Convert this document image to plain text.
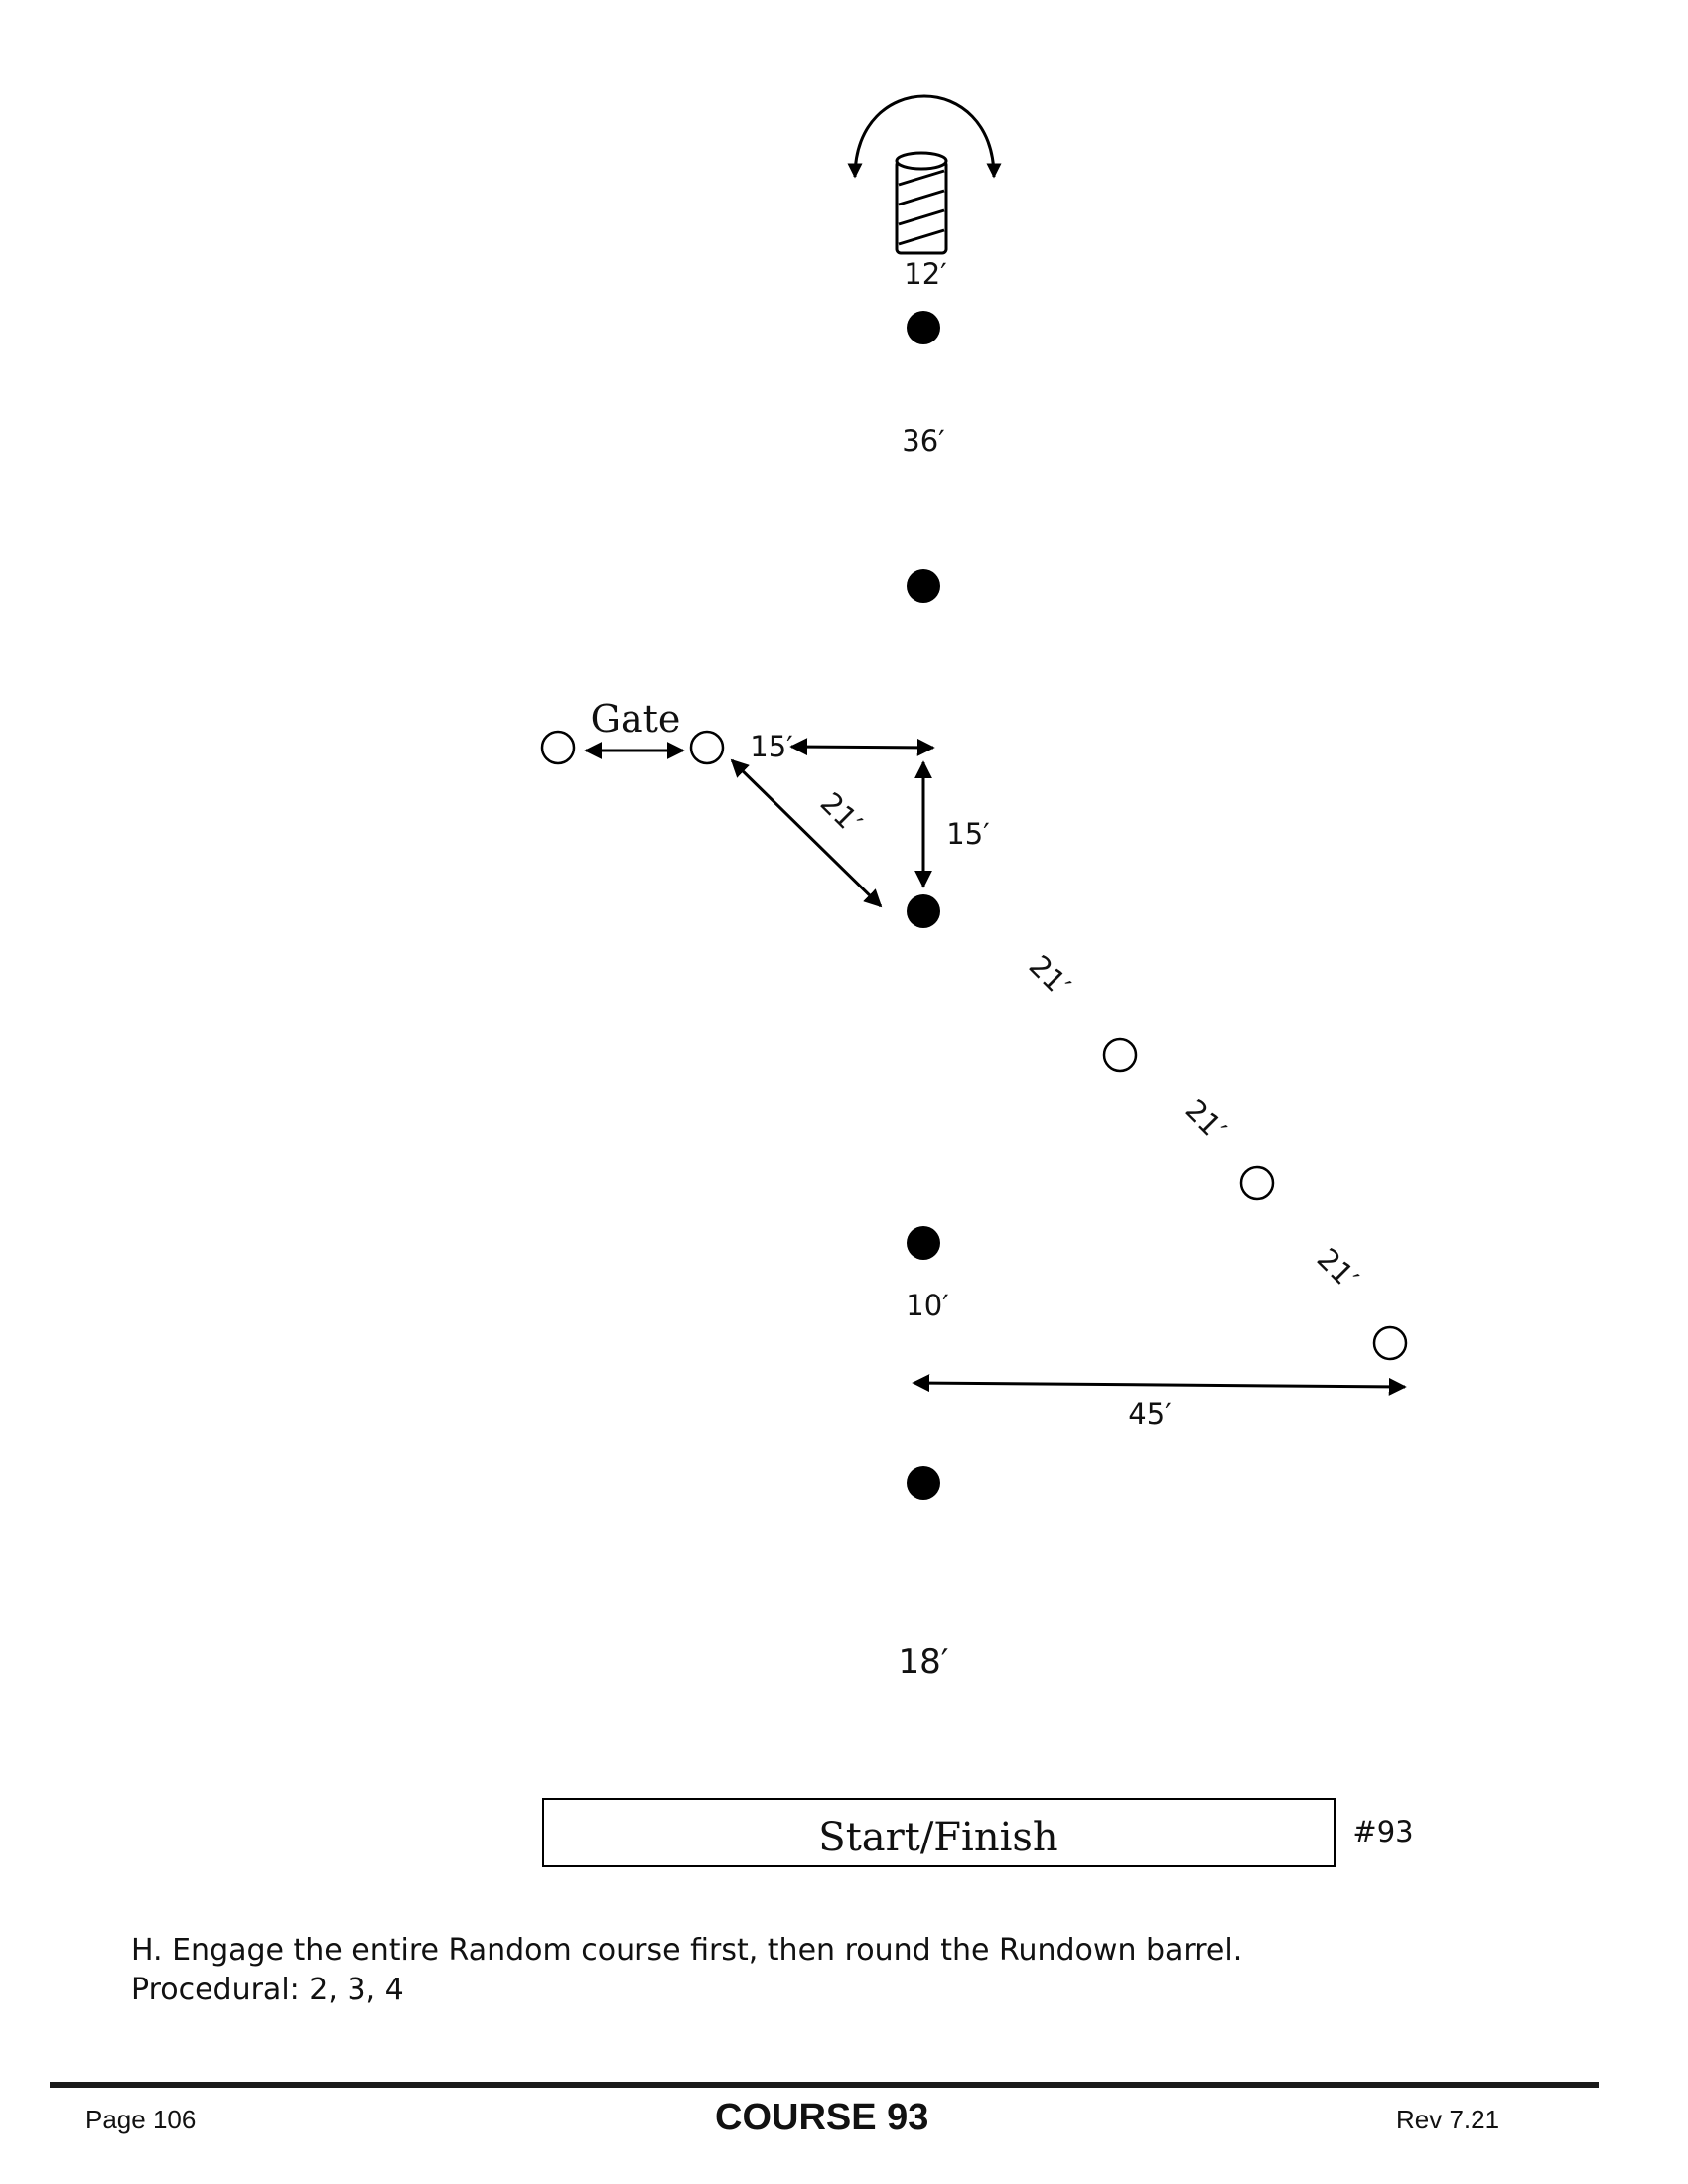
12′
36′
Gate
15′
15′
21′
21′
21′
21′
10′
45′
18′
Start/Finish	#93
H. Engage the entire Random course first, then round the Rundown barrel.
Procedural: 2, 3, 4
Page 106	COURSE 93	Rev 7.21
